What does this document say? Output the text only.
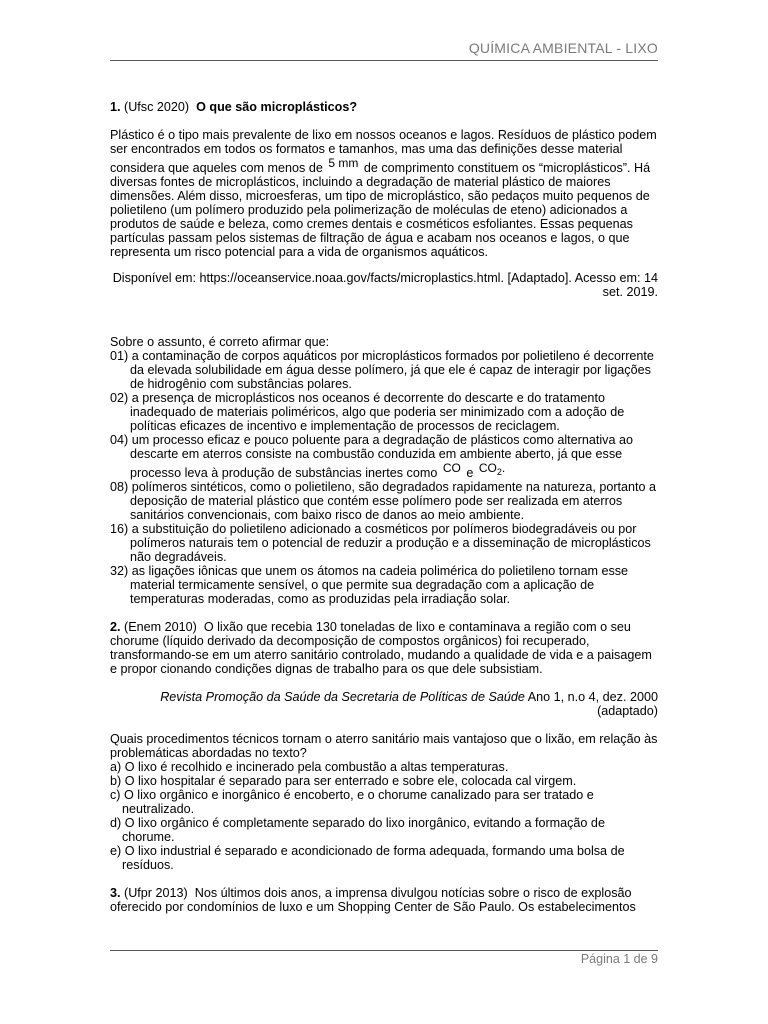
QUÍMICA AMBIENTAL - LIXO

1. (Ufsc 2020) O que são microplásticos?

Plástico é o tipo mais prevalente de lixo em nossos oceanos e lagos. Resíduos de plástico podem ser encontrados em todos os formatos e tamanhos, mas uma das definições desse material considera que aqueles com menos de 5 mm de comprimento constituem os “microplásticos”. Há diversas fontes de microplásticos, incluindo a degradação de material plástico de maiores dimensões. Além disso, microesferas, um tipo de microplástico, são pedaços muito pequenos de polietileno (um polímero produzido pela polimerização de moléculas de eteno) adicionados a produtos de saúde e beleza, como cremes dentais e cosméticos esfoliantes. Essas pequenas partículas passam pelos sistemas de filtração de água e acabam nos oceanos e lagos, o que representa um risco potencial para a vida de organismos aquáticos.

Disponível em: https://oceanservice.noaa.gov/facts/microplastics.html. [Adaptado]. Acesso em: 14 set. 2019.

Sobre o assunto, é correto afirmar que:

01) a contaminação de corpos aquáticos por microplásticos formados por polietileno é decorrente da elevada solubilidade em água desse polímero, já que ele é capaz de interagir por ligações de hidrogênio com substâncias polares.
02) a presença de microplásticos nos oceanos é decorrente do descarte e do tratamento inadequado de materiais poliméricos, algo que poderia ser minimizado com a adoção de políticas eficazes de incentivo e implementação de processos de reciclagem.
04) um processo eficaz e pouco poluente para a degradação de plásticos como alternativa ao descarte em aterros consiste na combustão conduzida em ambiente aberto, já que esse processo leva à produção de substâncias inertes como CO e $CO_2$.
08) polímeros sintéticos, como o polietileno, são degradados rapidamente na natureza, portanto a deposição de material plástico que contém esse polímero pode ser realizada em aterros sanitários convencionais, com baixo risco de danos ao meio ambiente.
16) a substituição do polietileno adicionado a cosméticos por polímeros biodegradáveis ou por polímeros naturais tem o potencial de reduzir a produção e a disseminação de microplásticos não degradáveis.
32) as ligações iônicas que unem os átomos na cadeia polimérica do polietileno tornam esse material termicamente sensível, o que permite sua degradação com a aplicação de temperaturas moderadas, como as produzidas pela irradiação solar.

2. (Enem 2010) O lixão que recebia 130 toneladas de lixo e contaminava a região com o seu chorume (líquido derivado da decomposição de compostos orgânicos) foi recuperado, transformando-se em um aterro sanitário controlado, mudando a qualidade de vida e a paisagem e propor cionando condições dignas de trabalho para os que dele subsistiam.

Revista Promoção da Saúde da Secretaria de Políticas de Saúde Ano 1, n.o 4, dez. 2000 (adaptado)

Quais procedimentos técnicos tornam o aterro sanitário mais vantajoso que o lixão, em relação às problemáticas abordadas no texto?

a) O lixo é recolhido e incinerado pela combustão a altas temperaturas.
b) O lixo hospitalar é separado para ser enterrado e sobre ele, colocada cal virgem.
c) O lixo orgânico e inorgânico é encoberto, e o chorume canalizado para ser tratado e neutralizado.
d) O lixo orgânico é completamente separado do lixo inorgânico, evitando a formação de chorume.
e) O lixo industrial é separado e acondicionado de forma adequada, formando uma bolsa de resíduos.

3. (Ufpr 2013) Nos últimos dois anos, a imprensa divulgou notícias sobre o risco de explosão oferecido por condomínios de luxo e um Shopping Center de São Paulo. Os estabelecimentos

Página 1 de 9
